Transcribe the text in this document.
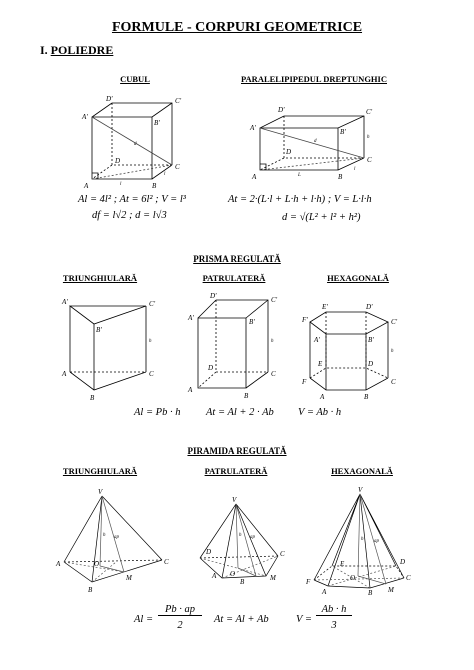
FORMULE - CORPURI GEOMETRICE
I. POLIEDRE
CUBUL
D'	C'
A'
B'
D
C
A	B
l
l
d
Al = 4l² ; At = 6l² ; V = l³
df = l√2 ; d = l√3
PARALELIPIPEDUL DREPTUNGHIC
D'	C'
A'	B'
D
C
A	B
L
l
h
d
At = 2·(L·l + L·h + l·h) ; V = L·l·h
d = √(L² + l² + h²)
PRISMA REGULATĂ
TRIUNGHIULARĂ	PATRULATERĂ	HEXAGONALĂ
A'	C'
B'
A	C
B
h
D'	C'
A'	B'
D
C
A
B
h
E'	D'
F'	C'
A'	B'
E	D
F	C
A	B
h
Al = Pb · h At = Al + 2 · Ab V = Ab · h
PIRAMIDA REGULATĂ
TRIUNGHIULARĂ	PATRULATERĂ	HEXAGONALĂ
V
A	C
O
B
M
h ap
V
D	C
A O
B	M
h ap
V
E	D
F	C
A
O
B M
h ap
Al =
Pb · ap
2
At = Al + Ab	V =
Ab · h
3
